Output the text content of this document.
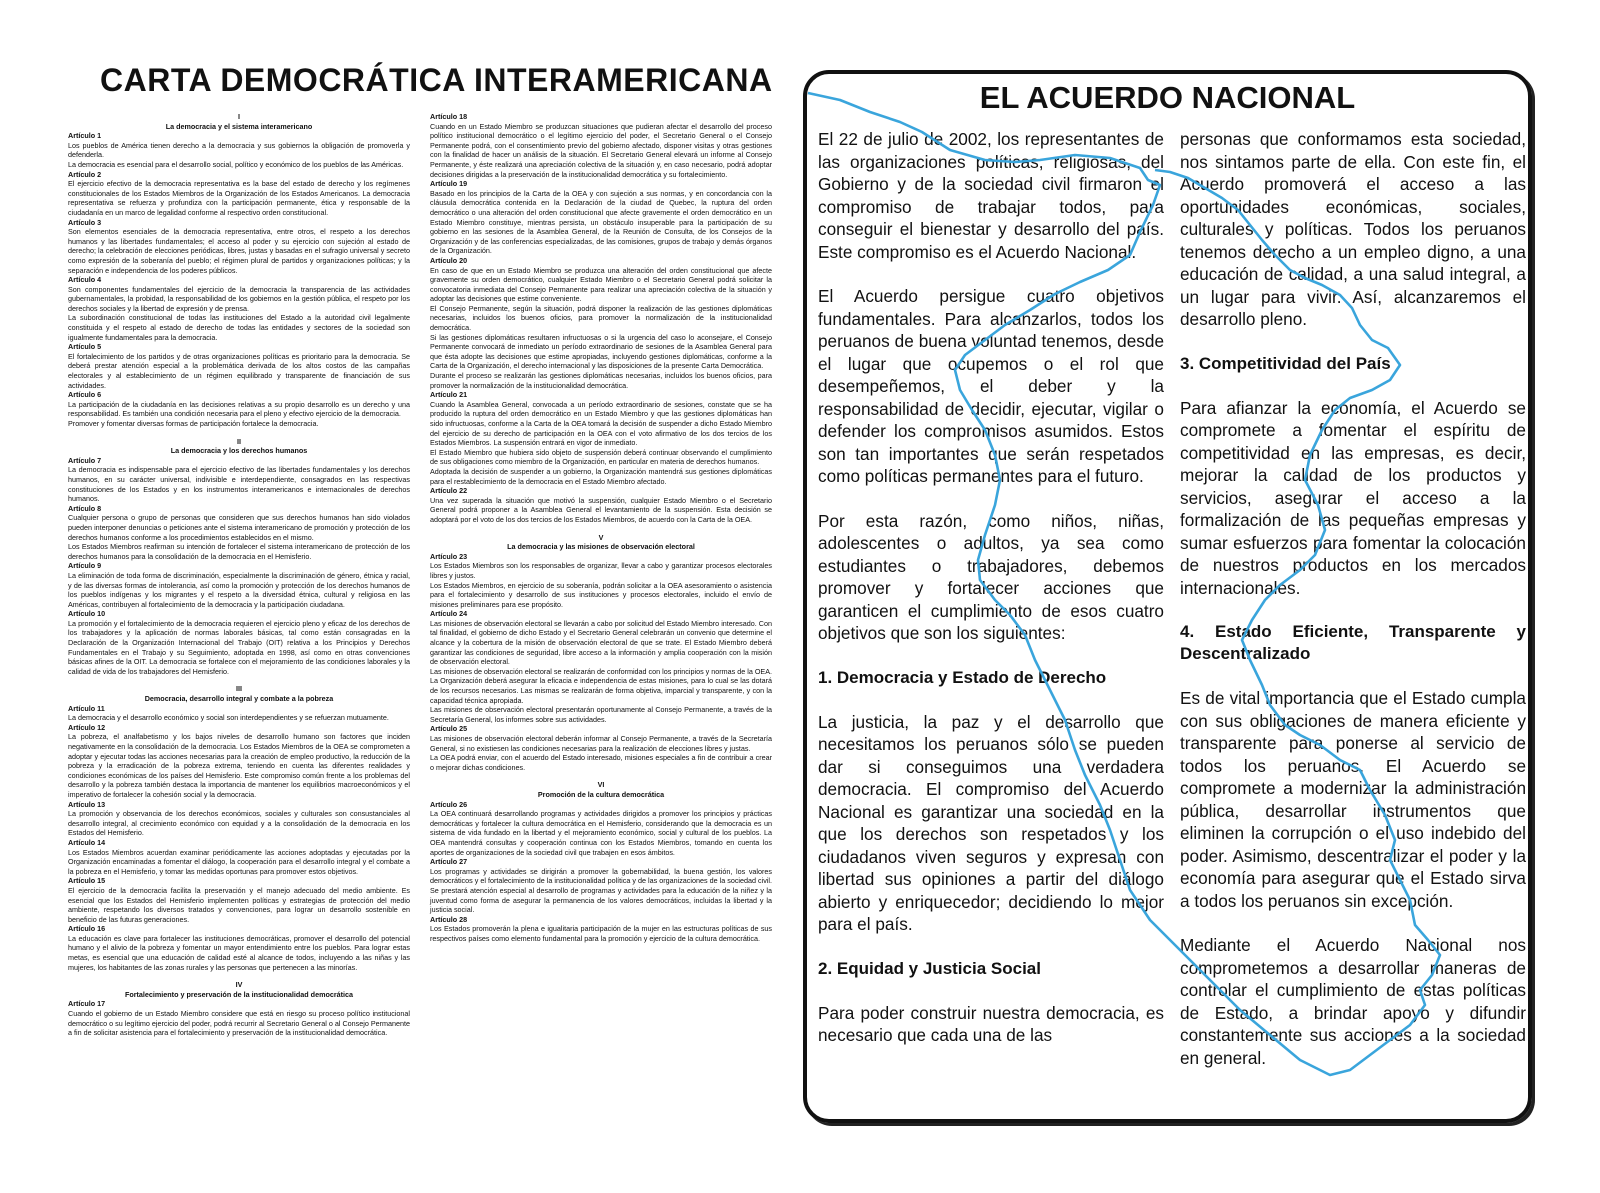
CARTA DEMOCRÁTICA INTERAMERICANA
I
La democracia y el sistema interamericano
Artículo 1

Los pueblos de América tienen derecho a la democracia y sus gobiernos la obligación de promoverla y defenderla.

La democracia es esencial para el desarrollo social, político y económico de los pueblos de las Américas.

Artículo 2

El ejercicio efectivo de la democracia representativa es la base del estado de derecho y los regímenes constitucionales de los Estados Miembros de la Organización de los Estados Americanos. La democracia representativa se refuerza y profundiza con la participación permanente, ética y responsable de la ciudadanía en un marco de legalidad conforme al respectivo orden constitucional.

Artículo 3

Son elementos esenciales de la democracia representativa, entre otros, el respeto a los derechos humanos y las libertades fundamentales; el acceso al poder y su ejercicio con sujeción al estado de derecho; la celebración de elecciones periódicas, libres, justas y basadas en el sufragio universal y secreto como expresión de la soberanía del pueblo; el régimen plural de partidos y organizaciones políticas; y la separación e independencia de los poderes públicos.

Artículo 4

Son componentes fundamentales del ejercicio de la democracia la transparencia de las actividades gubernamentales, la probidad, la responsabilidad de los gobiernos en la gestión pública, el respeto por los derechos sociales y la libertad de expresión y de prensa.

La subordinación constitucional de todas las instituciones del Estado a la autoridad civil legalmente constituida y el respeto al estado de derecho de todas las entidades y sectores de la sociedad son igualmente fundamentales para la democracia.

Artículo 5

El fortalecimiento de los partidos y de otras organizaciones políticas es prioritario para la democracia. Se deberá prestar atención especial a la problemática derivada de los altos costos de las campañas electorales y al establecimiento de un régimen equilibrado y transparente de financiación de sus actividades.

Artículo 6

La participación de la ciudadanía en las decisiones relativas a su propio desarrollo es un derecho y una responsabilidad. Es también una condición necesaria para el pleno y efectivo ejercicio de la democracia.

Promover y fomentar diversas formas de participación fortalece la democracia.

II
La democracia y los derechos humanos
Artículo 7

La democracia es indispensable para el ejercicio efectivo de las libertades fundamentales y los derechos humanos, en su carácter universal, indivisible e interdependiente, consagrados en las respectivas constituciones de los Estados y en los instrumentos interamericanos e internacionales de derechos humanos.

Artículo 8

Cualquier persona o grupo de personas que consideren que sus derechos humanos han sido violados pueden interponer denuncias o peticiones ante el sistema interamericano de promoción y protección de los derechos humanos conforme a los procedimientos establecidos en el mismo.

Los Estados Miembros reafirman su intención de fortalecer el sistema interamericano de protección de los derechos humanos para la consolidación de la democracia en el Hemisferio.

Artículo 9

La eliminación de toda forma de discriminación, especialmente la discriminación de género, étnica y racial, y de las diversas formas de intolerancia, así como la promoción y protección de los derechos humanos de los pueblos indígenas y los migrantes y el respeto a la diversidad étnica, cultural y religiosa en las Américas, contribuyen al fortalecimiento de la democracia y la participación ciudadana.

Artículo 10

La promoción y el fortalecimiento de la democracia requieren el ejercicio pleno y eficaz de los derechos de los trabajadores y la aplicación de normas laborales básicas, tal como están consagradas en la Declaración de la Organización Internacional del Trabajo (OIT) relativa a los Principios y Derechos Fundamentales en el Trabajo y su Seguimiento, adoptada en 1998, así como en otras convenciones básicas afines de la OIT. La democracia se fortalece con el mejoramiento de las condiciones laborales y la calidad de vida de los trabajadores del Hemisferio.

III
Democracia, desarrollo integral y combate a la pobreza
Artículo 11

La democracia y el desarrollo económico y social son interdependientes y se refuerzan mutuamente.

Artículo 12

La pobreza, el analfabetismo y los bajos niveles de desarrollo humano son factores que inciden negativamente en la consolidación de la democracia. Los Estados Miembros de la OEA se comprometen a adoptar y ejecutar todas las acciones necesarias para la creación de empleo productivo, la reducción de la pobreza y la erradicación de la pobreza extrema, teniendo en cuenta las diferentes realidades y condiciones económicas de los países del Hemisferio. Este compromiso común frente a los problemas del desarrollo y la pobreza también destaca la importancia de mantener los equilibrios macroeconómicos y el imperativo de fortalecer la cohesión social y la democracia.

Artículo 13

La promoción y observancia de los derechos económicos, sociales y culturales son consustanciales al desarrollo integral, al crecimiento económico con equidad y a la consolidación de la democracia en los Estados del Hemisferio.

Artículo 14

Los Estados Miembros acuerdan examinar periódicamente las acciones adoptadas y ejecutadas por la Organización encaminadas a fomentar el diálogo, la cooperación para el desarrollo integral y el combate a la pobreza en el Hemisferio, y tomar las medidas oportunas para promover estos objetivos.

Artículo 15

El ejercicio de la democracia facilita la preservación y el manejo adecuado del medio ambiente. Es esencial que los Estados del Hemisferio implementen políticas y estrategias de protección del medio ambiente, respetando los diversos tratados y convenciones, para lograr un desarrollo sostenible en beneficio de las futuras generaciones.

Artículo 16

La educación es clave para fortalecer las instituciones democráticas, promover el desarrollo del potencial humano y el alivio de la pobreza y fomentar un mayor entendimiento entre los pueblos. Para lograr estas metas, es esencial que una educación de calidad esté al alcance de todos, incluyendo a las niñas y las mujeres, los habitantes de las zonas rurales y las personas que pertenecen a las minorías.

IV
Fortalecimiento y preservación de la institucionalidad democrática
Artículo 17

Cuando el gobierno de un Estado Miembro considere que está en riesgo su proceso político institucional democrático o su legítimo ejercicio del poder, podrá recurrir al Secretario General o al Consejo Permanente a fin de solicitar asistencia para el fortalecimiento y preservación de la institucionalidad democrática.

Artículo 18

Cuando en un Estado Miembro se produzcan situaciones que pudieran afectar el desarrollo del proceso político institucional democrático o el legítimo ejercicio del poder, el Secretario General o el Consejo Permanente podrá, con el consentimiento previo del gobierno afectado, disponer visitas y otras gestiones con la finalidad de hacer un análisis de la situación. El Secretario General elevará un informe al Consejo Permanente, y éste realizará una apreciación colectiva de la situación y, en caso necesario, podrá adoptar decisiones dirigidas a la preservación de la institucionalidad democrática y su fortalecimiento.

Artículo 19

Basado en los principios de la Carta de la OEA y con sujeción a sus normas, y en concordancia con la cláusula democrática contenida en la Declaración de la ciudad de Quebec, la ruptura del orden democrático o una alteración del orden constitucional que afecte gravemente el orden democrático en un Estado Miembro constituye, mientras persista, un obstáculo insuperable para la participación de su gobierno en las sesiones de la Asamblea General, de la Reunión de Consulta, de los Consejos de la Organización y de las conferencias especializadas, de las comisiones, grupos de trabajo y demás órganos de la Organización.

Artículo 20

En caso de que en un Estado Miembro se produzca una alteración del orden constitucional que afecte gravemente su orden democrático, cualquier Estado Miembro o el Secretario General podrá solicitar la convocatoria inmediata del Consejo Permanente para realizar una apreciación colectiva de la situación y adoptar las decisiones que estime conveniente.

El Consejo Permanente, según la situación, podrá disponer la realización de las gestiones diplomáticas necesarias, incluidos los buenos oficios, para promover la normalización de la institucionalidad democrática.

Si las gestiones diplomáticas resultaren infructuosas o si la urgencia del caso lo aconsejare, el Consejo Permanente convocará de inmediato un período extraordinario de sesiones de la Asamblea General para que ésta adopte las decisiones que estime apropiadas, incluyendo gestiones diplomáticas, conforme a la Carta de la Organización, el derecho internacional y las disposiciones de la presente Carta Democrática.

Durante el proceso se realizarán las gestiones diplomáticas necesarias, incluidos los buenos oficios, para promover la normalización de la institucionalidad democrática.

Artículo 21

Cuando la Asamblea General, convocada a un período extraordinario de sesiones, constate que se ha producido la ruptura del orden democrático en un Estado Miembro y que las gestiones diplomáticas han sido infructuosas, conforme a la Carta de la OEA tomará la decisión de suspender a dicho Estado Miembro del ejercicio de su derecho de participación en la OEA con el voto afirmativo de los dos tercios de los Estados Miembros. La suspensión entrará en vigor de inmediato.

El Estado Miembro que hubiera sido objeto de suspensión deberá continuar observando el cumplimiento de sus obligaciones como miembro de la Organización, en particular en materia de derechos humanos.

Adoptada la decisión de suspender a un gobierno, la Organización mantendrá sus gestiones diplomáticas para el restablecimiento de la democracia en el Estado Miembro afectado.

Artículo 22

Una vez superada la situación que motivó la suspensión, cualquier Estado Miembro o el Secretario General podrá proponer a la Asamblea General el levantamiento de la suspensión. Esta decisión se adoptará por el voto de los dos tercios de los Estados Miembros, de acuerdo con la Carta de la OEA.

V
La democracia y las misiones de observación electoral
Artículo 23

Los Estados Miembros son los responsables de organizar, llevar a cabo y garantizar procesos electorales libres y justos.

Los Estados Miembros, en ejercicio de su soberanía, podrán solicitar a la OEA asesoramiento o asistencia para el fortalecimiento y desarrollo de sus instituciones y procesos electorales, incluido el envío de misiones preliminares para ese propósito.

Artículo 24

Las misiones de observación electoral se llevarán a cabo por solicitud del Estado Miembro interesado. Con tal finalidad, el gobierno de dicho Estado y el Secretario General celebrarán un convenio que determine el alcance y la cobertura de la misión de observación electoral de que se trate. El Estado Miembro deberá garantizar las condiciones de seguridad, libre acceso a la información y amplia cooperación con la misión de observación electoral.

Las misiones de observación electoral se realizarán de conformidad con los principios y normas de la OEA. La Organización deberá asegurar la eficacia e independencia de estas misiones, para lo cual se las dotará de los recursos necesarios. Las mismas se realizarán de forma objetiva, imparcial y transparente, y con la capacidad técnica apropiada.

Las misiones de observación electoral presentarán oportunamente al Consejo Permanente, a través de la Secretaría General, los informes sobre sus actividades.

Artículo 25

Las misiones de observación electoral deberán informar al Consejo Permanente, a través de la Secretaría General, si no existiesen las condiciones necesarias para la realización de elecciones libres y justas.

La OEA podrá enviar, con el acuerdo del Estado interesado, misiones especiales a fin de contribuir a crear o mejorar dichas condiciones.

VI
Promoción de la cultura democrática
Artículo 26

La OEA continuará desarrollando programas y actividades dirigidos a promover los principios y prácticas democráticas y fortalecer la cultura democrática en el Hemisferio, considerando que la democracia es un sistema de vida fundado en la libertad y el mejoramiento económico, social y cultural de los pueblos. La OEA mantendrá consultas y cooperación continua con los Estados Miembros, tomando en cuenta los aportes de organizaciones de la sociedad civil que trabajen en esos ámbitos.

Artículo 27

Los programas y actividades se dirigirán a promover la gobernabilidad, la buena gestión, los valores democráticos y el fortalecimiento de la institucionalidad política y de las organizaciones de la sociedad civil. Se prestará atención especial al desarrollo de programas y actividades para la educación de la niñez y la juventud como forma de asegurar la permanencia de los valores democráticos, incluidas la libertad y la justicia social.

Artículo 28

Los Estados promoverán la plena e igualitaria participación de la mujer en las estructuras políticas de sus respectivos países como elemento fundamental para la promoción y ejercicio de la cultura democrática.

EL ACUERDO NACIONAL

El 22 de julio de 2002, los representantes de las organizaciones políticas, religiosas, del Gobierno y de la sociedad civil firmaron el compromiso de trabajar todos, para conseguir el bienestar y desarrollo del país. Este compromiso es el Acuerdo Nacional.

El Acuerdo persigue cuatro objetivos fundamentales. Para alcanzarlos, todos los peruanos de buena voluntad tenemos, desde el lugar que ocupemos o el rol que desempeñemos, el deber y la responsabilidad de decidir, ejecutar, vigilar o defender los compromisos asumidos. Estos son tan importantes que serán respetados como políticas permanentes para el futuro.

Por esta razón, como niños, niñas, adolescentes o adultos, ya sea como estudiantes o trabajadores, debemos promover y fortalecer acciones que garanticen el cumplimiento de esos cuatro objetivos que son los siguientes:

1. Democracia y Estado de Derecho

La justicia, la paz y el desarrollo que necesitamos los peruanos sólo se pueden dar si conseguimos una verdadera democracia. El compromiso del Acuerdo Nacional es garantizar una sociedad en la que los derechos son respetados y los ciudadanos viven seguros y expresan con libertad sus opiniones a partir del diálogo abierto y enriquecedor; decidiendo lo mejor para el país.

2. Equidad y Justicia Social

Para poder construir nuestra democracia, es necesario que cada una de las

personas que conformamos esta sociedad, nos sintamos parte de ella. Con este fin, el Acuerdo promoverá el acceso a las oportunidades económicas, sociales, culturales y políticas. Todos los peruanos tenemos derecho a un empleo digno, a una educación de calidad, a una salud integral, a un lugar para vivir. Así, alcanzaremos el desarrollo pleno.

3. Competitividad del País

Para afianzar la economía, el Acuerdo se compromete a fomentar el espíritu de competitividad en las empresas, es decir, mejorar la calidad de los productos y servicios, asegurar el acceso a la formalización de las pequeñas empresas y sumar esfuerzos para fomentar la colocación de nuestros productos en los mercados internacionales.

4. Estado Eficiente, Transparente y Descentralizado

Es de vital importancia que el Estado cumpla con sus obligaciones de manera eficiente y transparente para ponerse al servicio de todos los peruanos. El Acuerdo se compromete a modernizar la administración pública, desarrollar instrumentos que eliminen la corrupción o el uso indebido del poder. Asimismo, descentralizar el poder y la economía para asegurar que el Estado sirva a todos los peruanos sin excepción.

Mediante el Acuerdo Nacional nos comprometemos a desarrollar maneras de controlar el cumplimiento de estas políticas de Estado, a brindar apoyo y difundir constantemente sus acciones a la sociedad en general.
